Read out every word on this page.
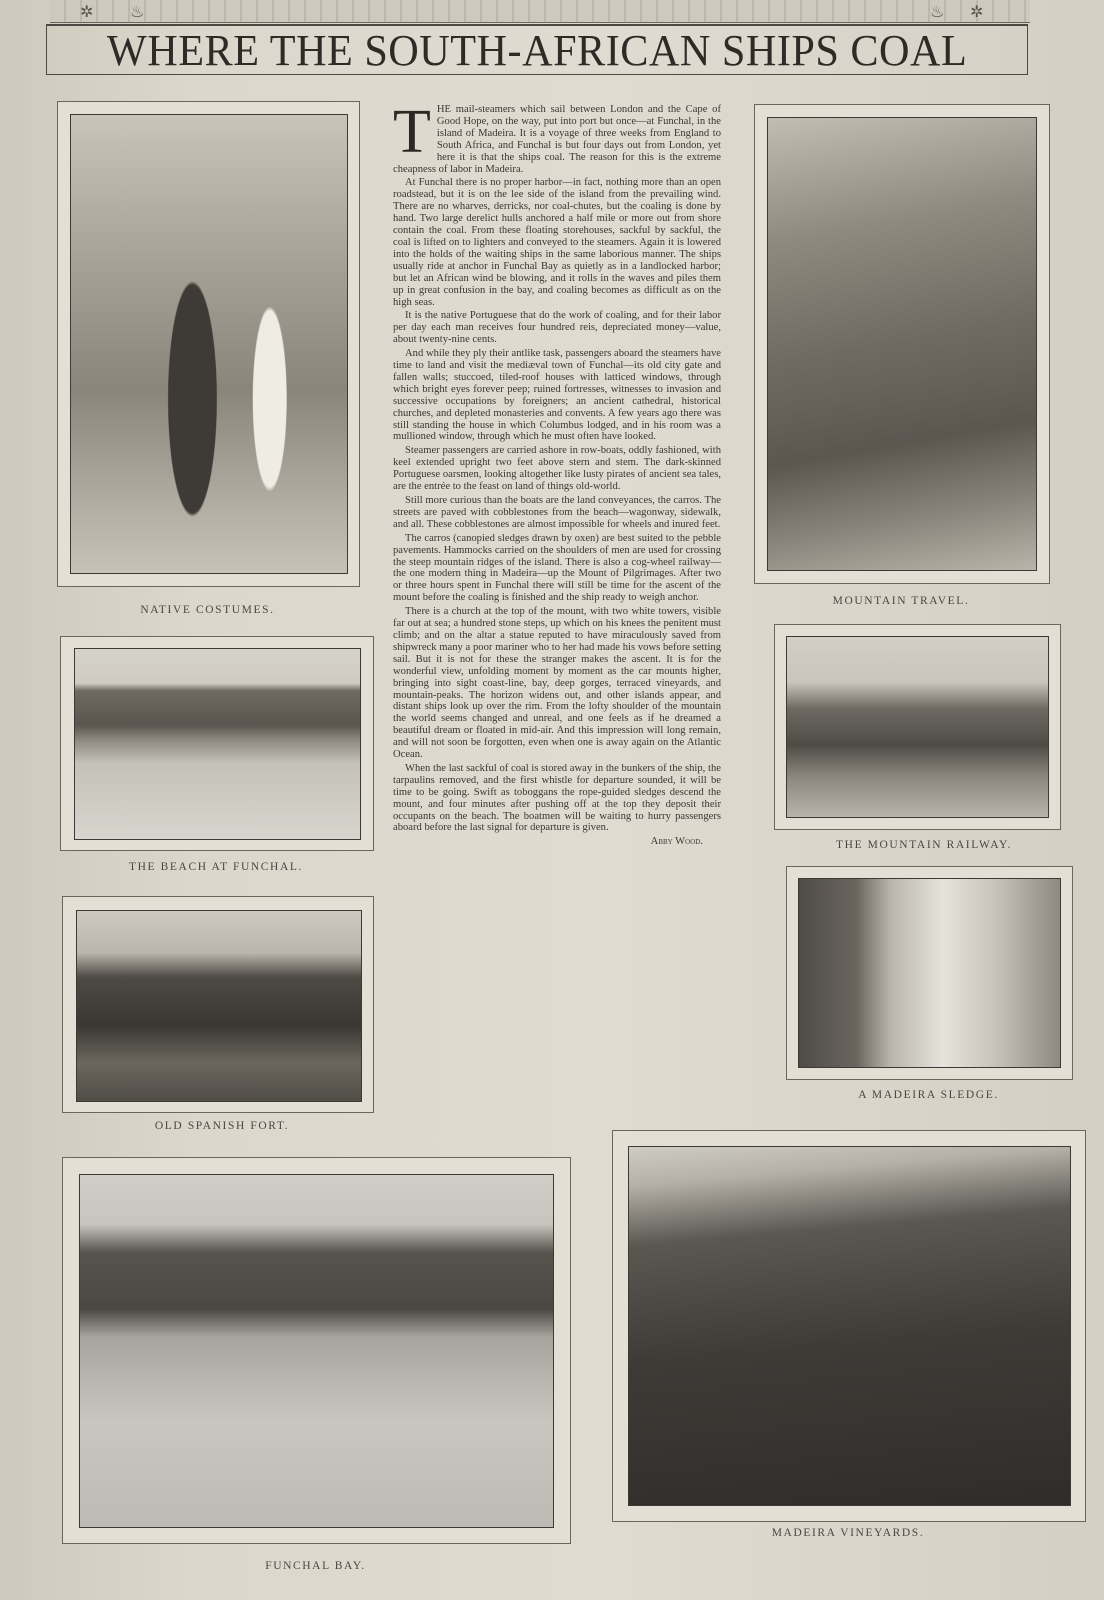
✲ ♨	♨ ✲
WHERE THE SOUTH-AFRICAN SHIPS COAL
NATIVE COSTUMES.
THE BEACH AT FUNCHAL.
OLD SPANISH FORT.

THE mail-steamers which sail between London and the Cape of Good Hope, on the way, put into port but once—at Funchal, in the island of Madeira. It is a voyage of three weeks from England to South Africa, and Funchal is but four days out from London, yet here it is that the ships coal. The reason for this is the extreme cheapness of labor in Madeira.

At Funchal there is no proper harbor—in fact, nothing more than an open roadstead, but it is on the lee side of the island from the prevailing wind. There are no wharves, derricks, nor coal-chutes, but the coaling is done by hand. Two large derelict hulls anchored a half mile or more out from shore contain the coal. From these floating storehouses, sackful by sackful, the coal is lifted on to lighters and conveyed to the steamers. Again it is lowered into the holds of the waiting ships in the same laborious manner. The ships usually ride at anchor in Funchal Bay as quietly as in a landlocked harbor; but let an African wind be blowing, and it rolls in the waves and piles them up in great confusion in the bay, and coaling becomes as difficult as on the high seas.

It is the native Portuguese that do the work of coaling, and for their labor per day each man receives four hundred reis, depreciated money—value, about twenty-nine cents.

And while they ply their antlike task, passengers aboard the steamers have time to land and visit the mediæval town of Funchal—its old city gate and fallen walls; stuccoed, tiled-roof houses with latticed windows, through which bright eyes forever peep; ruined fortresses, witnesses to invasion and successive occupations by foreigners; an ancient cathedral, historical churches, and depleted monasteries and convents. A few years ago there was still standing the house in which Columbus lodged, and in his room was a mullioned window, through which he must often have looked.

Steamer passengers are carried ashore in row-boats, oddly fashioned, with keel extended upright two feet above stern and stem. The dark-skinned Portuguese oarsmen, looking altogether like lusty pirates of ancient sea tales, are the entrée to the feast on land of things old-world.

Still more curious than the boats are the land conveyances, the carros. The streets are paved with cobblestones from the beach—wagonway, sidewalk, and all. These cobblestones are almost impossible for wheels and inured feet.

The carros (canopied sledges drawn by oxen) are best suited to the pebble pavements. Hammocks carried on the shoulders of men are used for crossing the steep mountain ridges of the island. There is also a cog-wheel railway—the one modern thing in Madeira—up the Mount of Pilgrimages. After two or three hours spent in Funchal there will still be time for the ascent of the mount before the coaling is finished and the ship ready to weigh anchor.

There is a church at the top of the mount, with two white towers, visible far out at sea; a hundred stone steps, up which on his knees the penitent must climb; and on the altar a statue reputed to have miraculously saved from shipwreck many a poor mariner who to her had made his vows before setting sail. But it is not for these the stranger makes the ascent. It is for the wonderful view, unfolding moment by moment as the car mounts higher, bringing into sight coast-line, bay, deep gorges, terraced vineyards, and mountain-peaks. The horizon widens out, and other islands appear, and distant ships look up over the rim. From the lofty shoulder of the mountain the world seems changed and unreal, and one feels as if he dreamed a beautiful dream or floated in mid-air. And this impression will long remain, and will not soon be forgotten, even when one is away again on the Atlantic Ocean.

When the last sackful of coal is stored away in the bunkers of the ship, the tarpaulins removed, and the first whistle for departure sounded, it will be time to be going. Swift as toboggans the rope-guided sledges descend the mount, and four minutes after pushing off at the top they deposit their occupants on the beach. The boatmen will be waiting to hurry passengers aboard before the last signal for departure is given.

Abby Wood.
MOUNTAIN TRAVEL.
THE MOUNTAIN RAILWAY.
A MADEIRA SLEDGE.
FUNCHAL BAY.
MADEIRA VINEYARDS.
